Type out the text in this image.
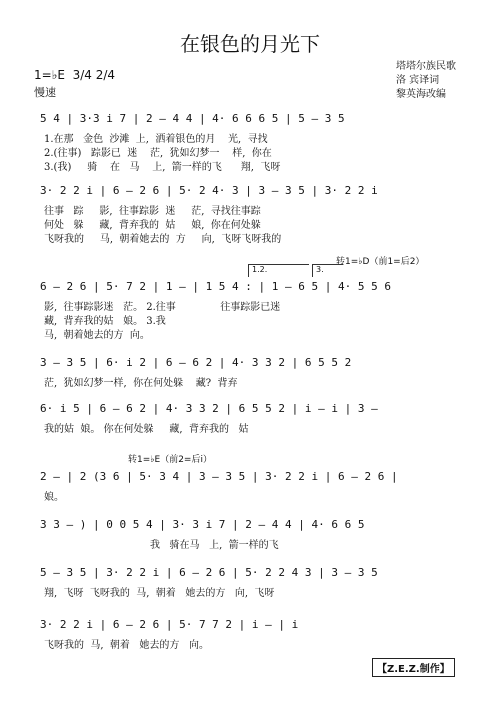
在银色的月光下
1=♭E 3/4 2/4
慢速
塔塔尔族民歌
洛 宾译词
黎英海改编
5 4 | 3·3 i 7 | 2 — 4 4 | 4· 6 6 6 5 | 5 — 3 5
1.在那   金色  沙滩  上,  洒着银色的月    光,  寻找
2.(往事)   踪影已  迷    茫,  犹如幻梦一    样,  你在
3.(我)     骑    在   马    上,  箭一样的飞      翔,  飞呀
3· 2 2 i | 6 — 2 6 | 5· 2 4· 3 | 3 — 3 5 | 3· 2 2 i
往事   踪     影,  往事踪影  迷     茫,  寻找往事踪
何处   躲     藏,  背弃我的  姑     娘,  你在何处躲
飞呀我的     马,  朝着她去的  方     向,  飞呀飞呀我的
转1=♭D（前1=后2）
1.2.	3.
6 — 2 6 | 5· 7 2 | 1 — | 1 5 4 : | 1 — 6 5 | 4· 5 5 6
影,  往事踪影迷   茫。 2.往事              往事踪影已迷
藏,  背弃我的姑   娘。 3.我
马,  朝着她去的方  向。
3 — 3 5 | 6· i 2 | 6 — 6 2 | 4· 3 3 2 | 6 5 5 2
茫,  犹如幻梦一样,  你在何处躲    藏?  背弃
6· i 5 | 6 — 6 2 | 4· 3 3 2 | 6 5 5 2 | i — i | 3 —
我的姑  娘。 你在何处躲     藏,  背弃我的   姑
转1=♭E（前2=后i）
2 — | 2 (3 6 | 5· 3 4 | 3 — 3 5 | 3· 2 2 i | 6 — 2 6 |
娘。
3 3 — ) | 0 0 5 4 | 3· 3 i 7 | 2 — 4 4 | 4· 6 6 5
我   骑在马   上,  箭一样的飞
5 — 3 5 | 3· 2 2 i | 6 — 2 6 | 5· 2 2 4 3 | 3 — 3 5
翔,  飞呀  飞呀我的  马,  朝着   她去的方   向,  飞呀
3· 2 2 i | 6 — 2 6 | 5· 7 7 2 | i — | i
飞呀我的  马,  朝着   她去的方   向。
【Z.E.Z.制作】
